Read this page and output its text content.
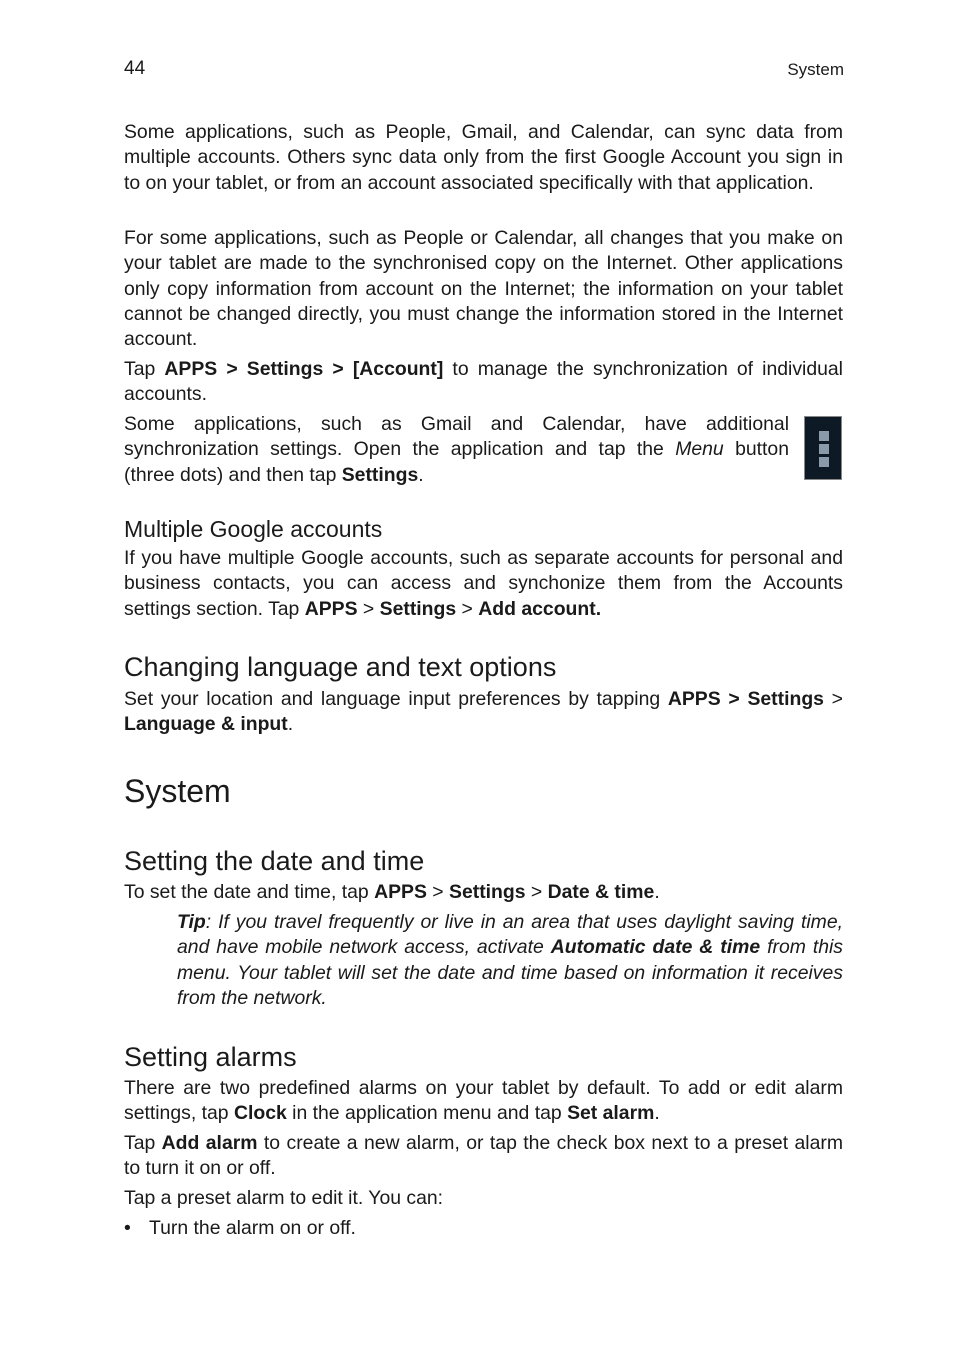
44	System

Some applications, such as People, Gmail, and Calendar, can sync data from multiple accounts. Others sync data only from the first Google Account you sign in to on your tablet, or from an account associated specifically with that application.

For some applications, such as People or Calendar, all changes that you make on your tablet are made to the synchronised copy on the Internet. Other applications only copy information from account on the Internet; the information on your tablet cannot be changed directly, you must change the information stored in the Internet account.

Tap APPS > Settings > [Account] to manage the synchronization of individual accounts.

Some applications, such as Gmail and Calendar, have additional synchronization settings. Open the application and tap the Menu button (three dots) and then tap Settings.

Multiple Google accounts

If you have multiple Google accounts, such as separate accounts for personal and business contacts, you can access and synchonize them from the Accounts settings section. Tap APPS > Settings > Add account.

Changing language and text options

Set your location and language input preferences by tapping APPS > Settings > Language & input.

System
Setting the date and time

To set the date and time, tap APPS > Settings > Date & time.

Tip: If you travel frequently or live in an area that uses daylight saving time, and have mobile network access, activate Automatic date & time from this menu. Your tablet will set the date and time based on information it receives from the network.

Setting alarms

There are two predefined alarms on your tablet by default. To add or edit alarm settings, tap Clock in the application menu and tap Set alarm.

Tap Add alarm to create a new alarm, or tap the check box next to a preset alarm to turn it on or off.

Tap a preset alarm to edit it. You can:

• Turn the alarm on or off.
